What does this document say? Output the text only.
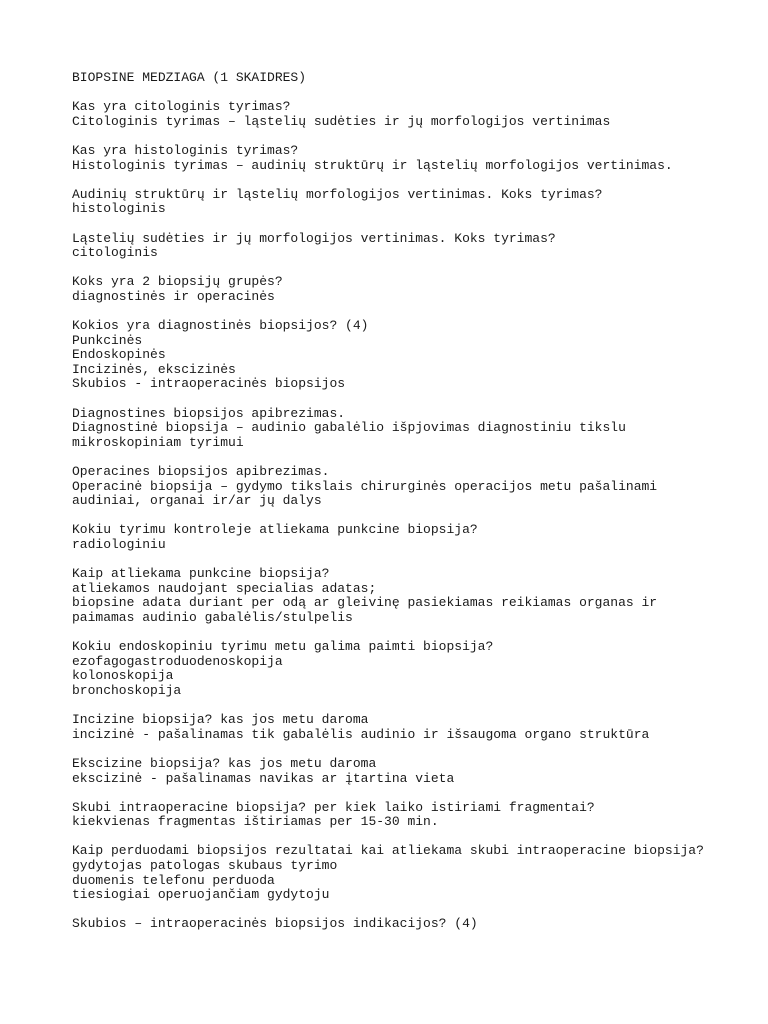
BIOPSINE MEDZIAGA (1 SKAIDRES)
Kas yra citologinis tyrimas?
Citologinis tyrimas – ląstelių sudėties ir jų morfologijos vertinimas
Kas yra histologinis tyrimas?
Histologinis tyrimas – audinių struktūrų ir ląstelių morfologijos vertinimas.
Audinių struktūrų ir ląstelių morfologijos vertinimas. Koks tyrimas?
histologinis
Ląstelių sudėties ir jų morfologijos vertinimas. Koks tyrimas?
citologinis
Koks yra 2 biopsijų grupės?
diagnostinės ir operacinės
Kokios yra diagnostinės biopsijos? (4)
Punkcinės
Endoskopinės
Incizinės, ekscizinės
Skubios - intraoperacinės biopsijos
Diagnostines biopsijos apibrezimas.
Diagnostinė biopsija – audinio gabalėlio išpjovimas diagnostiniu tikslu
mikroskopiniam tyrimui
Operacines biopsijos apibrezimas.
Operacinė biopsija – gydymo tikslais chirurginės operacijos metu pašalinami
audiniai, organai ir/ar jų dalys
Kokiu tyrimu kontroleje atliekama punkcine biopsija?
radiologiniu
Kaip atliekama punkcine biopsija?
atliekamos naudojant specialias adatas;
biopsine adata duriant per odą ar gleivinę pasiekiamas reikiamas organas ir
paimamas audinio gabalėlis/stulpelis
Kokiu endoskopiniu tyrimu metu galima paimti biopsija?
ezofagogastroduodenoskopija
kolonoskopija
bronchoskopija
Incizine biopsija? kas jos metu daroma
incizinė - pašalinamas tik gabalėlis audinio ir išsaugoma organo struktūra
Ekscizine biopsija? kas jos metu daroma
ekscizinė - pašalinamas navikas ar įtartina vieta
Skubi intraoperacine biopsija? per kiek laiko istiriami fragmentai?
kiekvienas fragmentas ištiriamas per 15-30 min.
Kaip perduodami biopsijos rezultatai kai atliekama skubi intraoperacine biopsija?
gydytojas patologas skubaus tyrimo
duomenis telefonu perduoda
tiesiogiai operuojančiam gydytoju
Skubios – intraoperacinės biopsijos indikacijos? (4)
